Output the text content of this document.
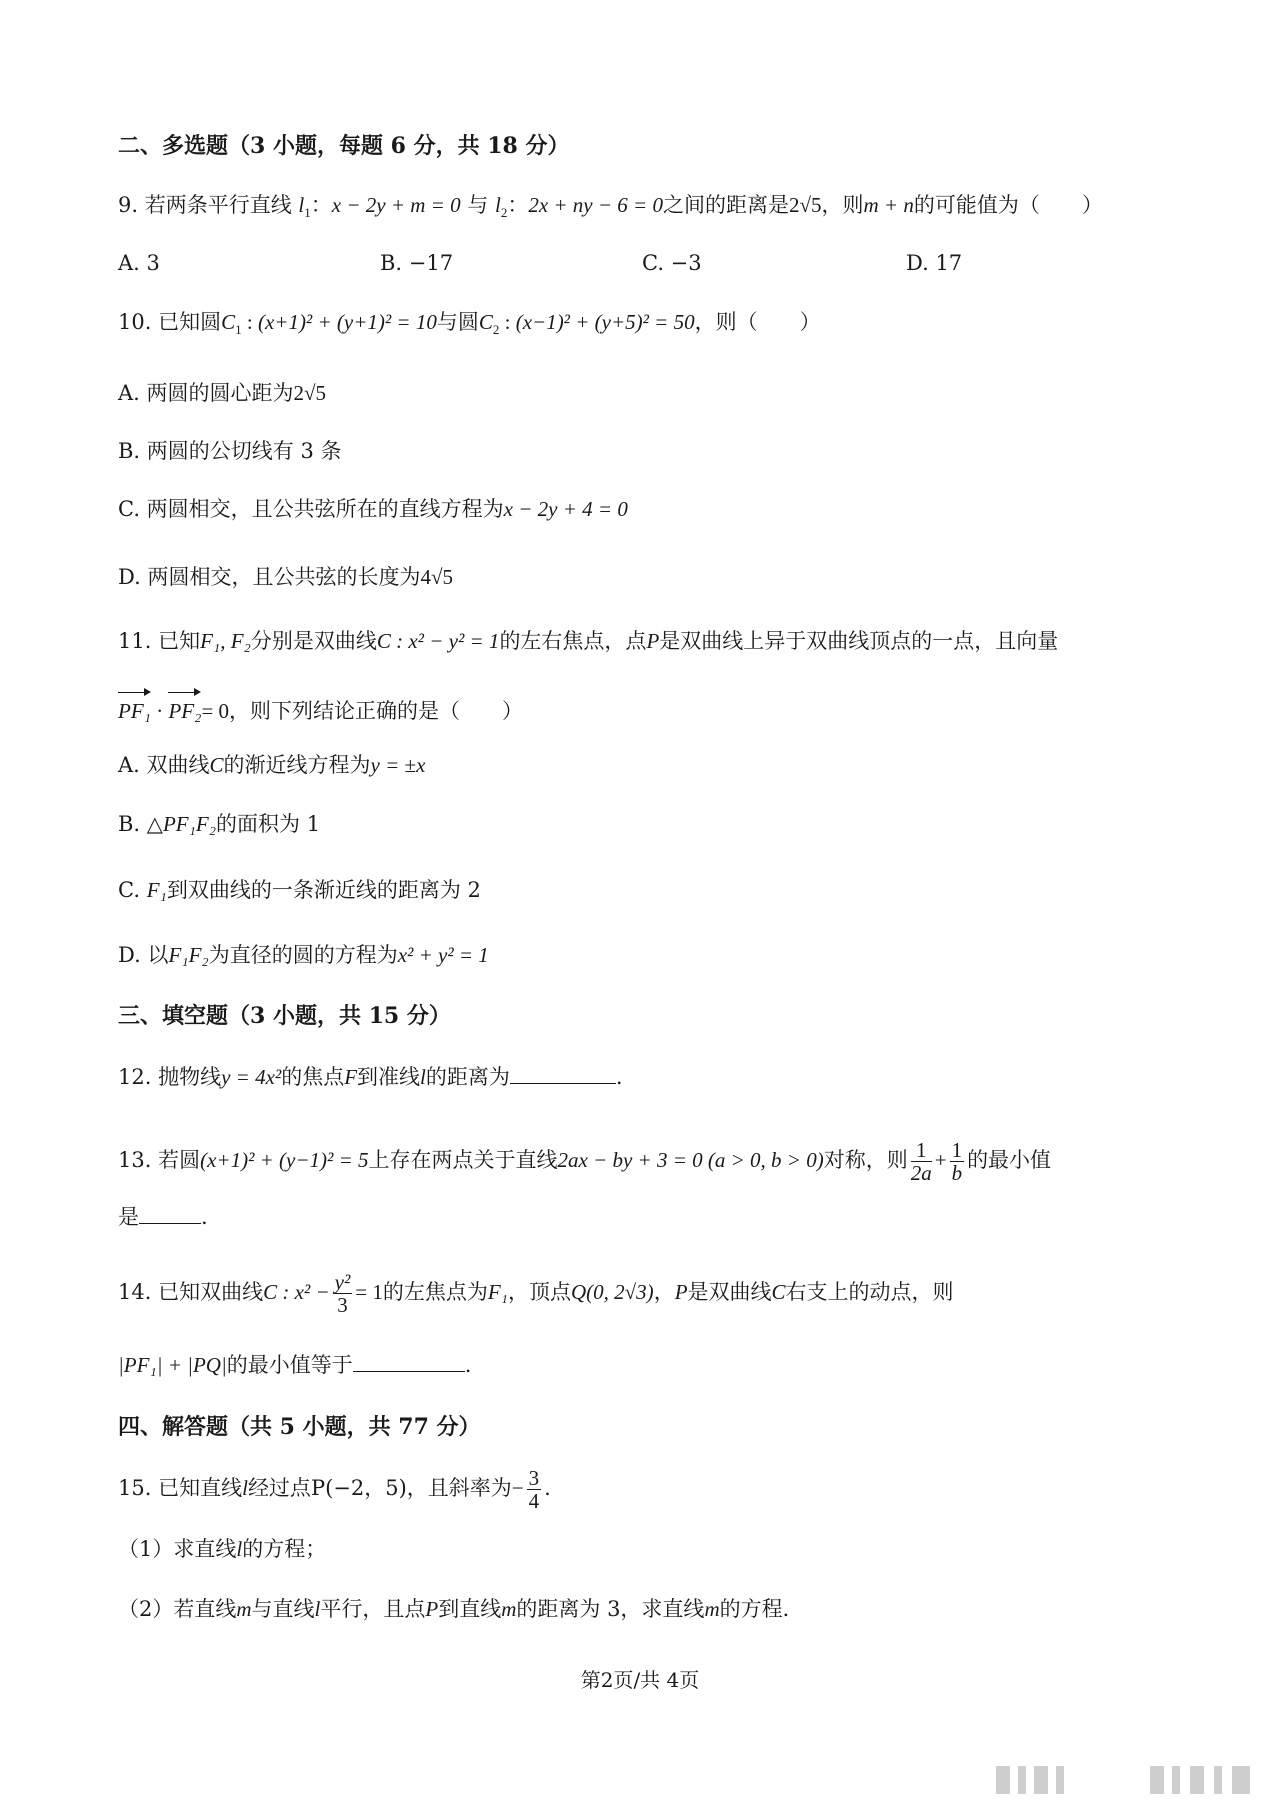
二、多选题（3 小题，每题 6 分，共 18 分）
9. 若两条平行直线 $l_1$：x − 2y + m = 0 与 $l_2$：2x + ny − 6 = 0之间的距离是2√5，则m + n的可能值为（　　）
A. 3	B. −17	C. −3	D. 17
10. 已知圆$C_1$ : (x+1)² + (y+1)² = 10与圆$C_2$ : (x−1)² + (y+5)² = 50，则（　　）
A. 两圆的圆心距为2√5
B. 两圆的公切线有 3 条
C. 两圆相交，且公共弦所在的直线方程为x − 2y + 4 = 0
D. 两圆相交，且公共弦的长度为4√5
11. 已知F₁, F₂分别是双曲线C : x² − y² = 1的左右焦点，点P是双曲线上异于双曲线顶点的一点，且向量
PF₁ · PF₂= 0，则下列结论正确的是（　　）
A. 双曲线C的渐近线方程为y = ±x
B. △PF₁F₂的面积为 1
C. F₁到双曲线的一条渐近线的距离为 2
D. 以F₁F₂为直径的圆的方程为x² + y² = 1
三、填空题（3 小题，共 15 分）
12. 抛物线y = 4x²的焦点F到准线l的距离为	.
13. 若圆(x+1)² + (y−1)² = 5上存在两点关于直线2ax − by + 3 = 0 (a > 0, b > 0)对称，则 $\frac{1}{2a} + \frac{1}{b}$ 的最小值
是	.
14. 已知双曲线C : $x^2 - \frac{\text{y²}}{3} = 1$的左焦点为F₁，顶点Q(0, 2√3)，P是双曲线C右支上的动点，则
|PF₁| + |PQ|的最小值等于	.
四、解答题（共 5 小题，共 77 分）
15. 已知直线l经过点P(−2，5)，且斜率为− $\frac{3}{4}$ .
（1）求直线l的方程；
（2）若直线m与直线l平行，且点P到直线m的距离为 3，求直线m的方程．
第2页/共 4页
